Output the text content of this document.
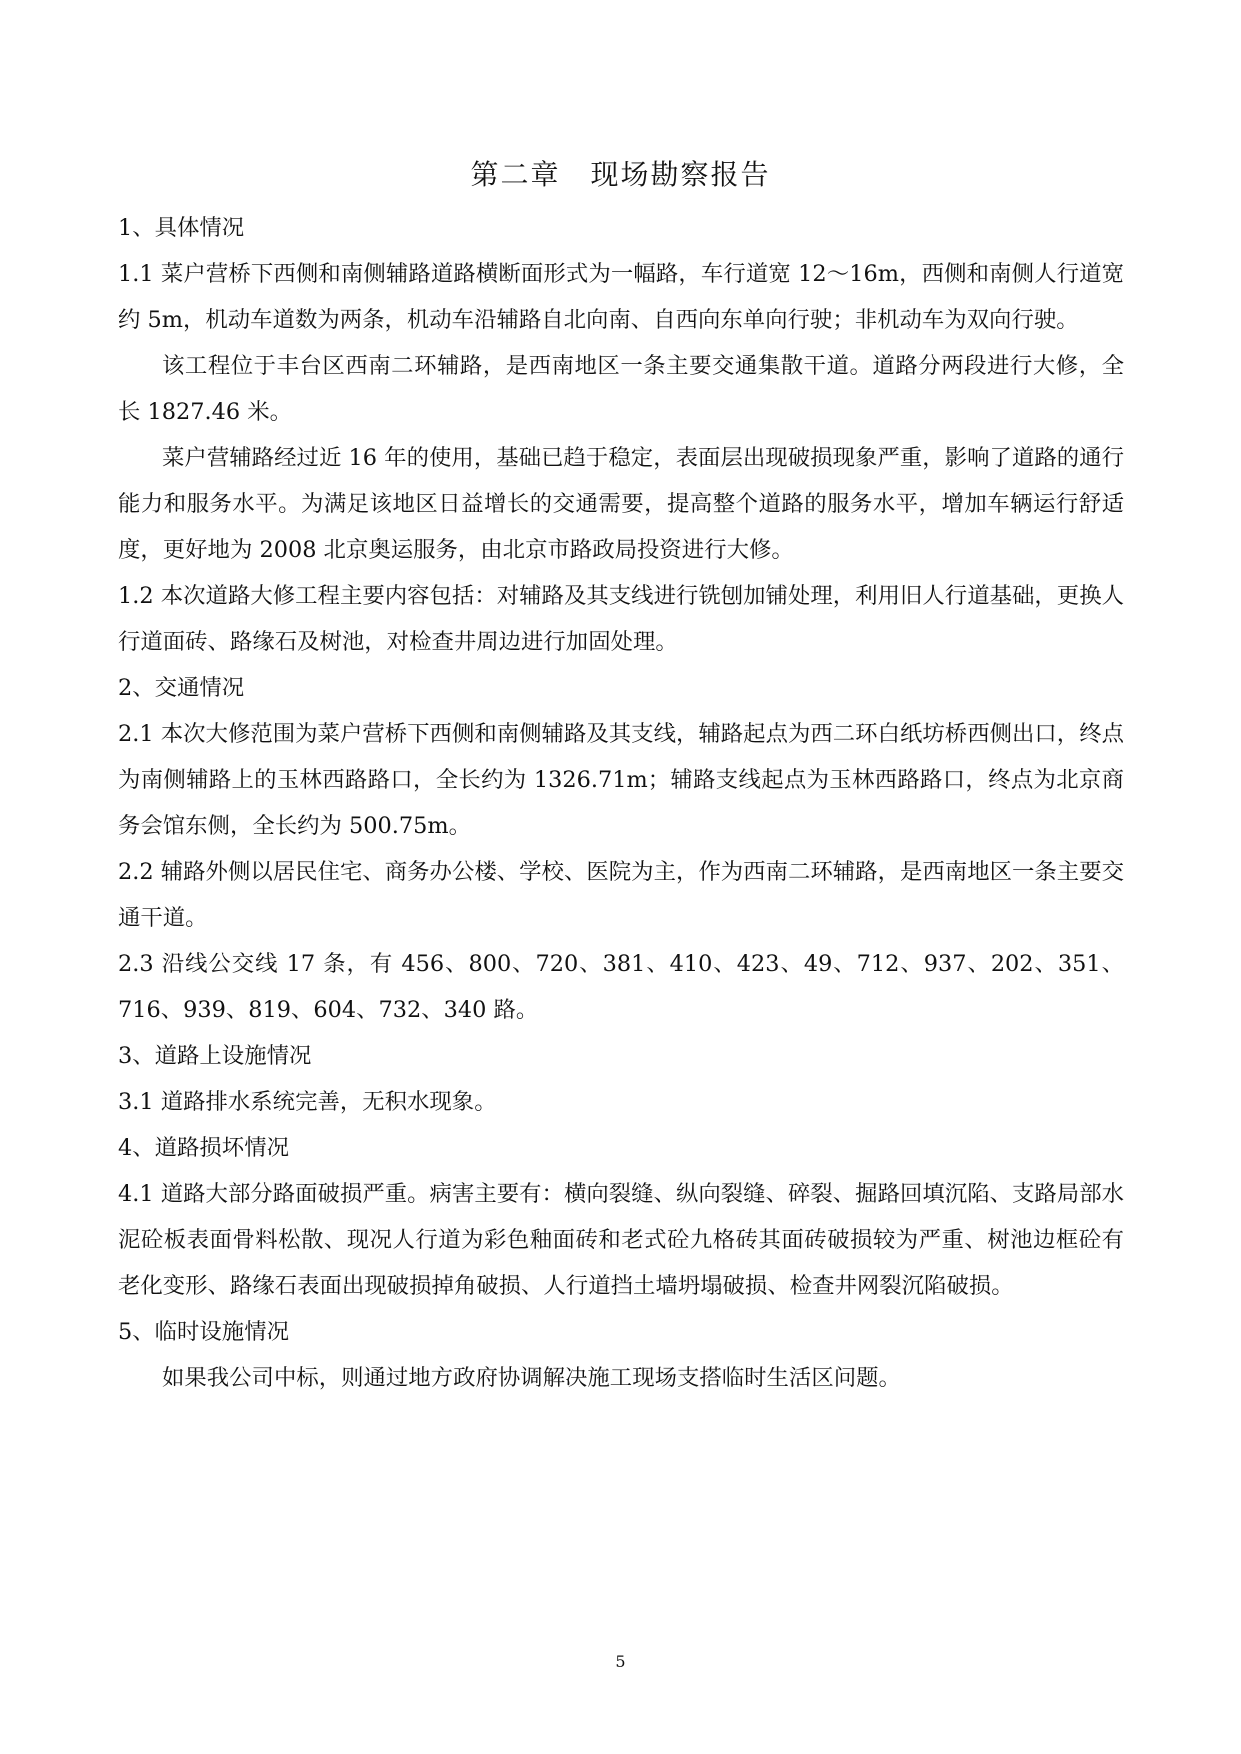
第二章　现场勘察报告

1、具体情况

1.1 菜户营桥下西侧和南侧辅路道路横断面形式为一幅路，车行道宽 12～16m，西侧和南侧人行道宽约 5m，机动车道数为两条，机动车沿辅路自北向南、自西向东单向行驶；非机动车为双向行驶。

该工程位于丰台区西南二环辅路，是西南地区一条主要交通集散干道。道路分两段进行大修，全长 1827.46 米。

菜户营辅路经过近 16 年的使用，基础已趋于稳定，表面层出现破损现象严重，影响了道路的通行能力和服务水平。为满足该地区日益增长的交通需要，提高整个道路的服务水平，增加车辆运行舒适度，更好地为 2008 北京奥运服务，由北京市路政局投资进行大修。

1.2 本次道路大修工程主要内容包括：对辅路及其支线进行铣刨加铺处理，利用旧人行道基础，更换人行道面砖、路缘石及树池，对检查井周边进行加固处理。

2、交通情况

2.1 本次大修范围为菜户营桥下西侧和南侧辅路及其支线，辅路起点为西二环白纸坊桥西侧出口，终点为南侧辅路上的玉林西路路口，全长约为 1326.71m；辅路支线起点为玉林西路路口，终点为北京商务会馆东侧，全长约为 500.75m。

2.2 辅路外侧以居民住宅、商务办公楼、学校、医院为主，作为西南二环辅路，是西南地区一条主要交通干道。

2.3 沿线公交线 17 条，有 456、800、720、381、410、423、49、712、937、202、351、716、939、819、604、732、340 路。

3、道路上设施情况

3.1 道路排水系统完善，无积水现象。

4、道路损坏情况

4.1 道路大部分路面破损严重。病害主要有：横向裂缝、纵向裂缝、碎裂、掘路回填沉陷、支路局部水泥砼板表面骨料松散、现况人行道为彩色釉面砖和老式砼九格砖其面砖破损较为严重、树池边框砼有老化变形、路缘石表面出现破损掉角破损、人行道挡土墙坍塌破损、检查井网裂沉陷破损。

5、临时设施情况

如果我公司中标，则通过地方政府协调解决施工现场支搭临时生活区问题。

5
